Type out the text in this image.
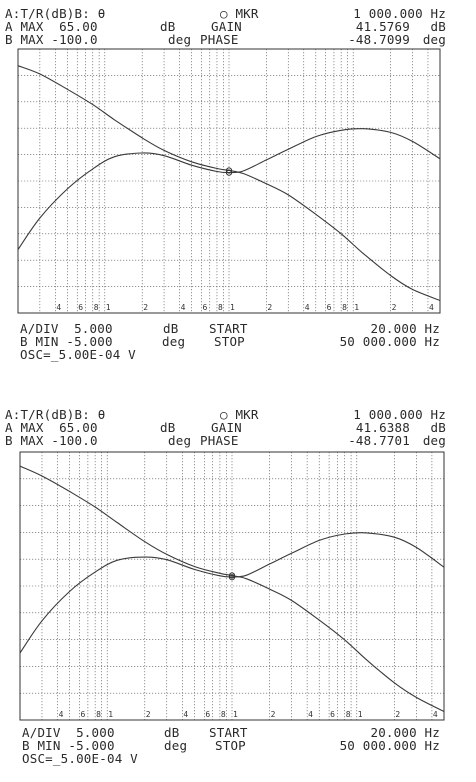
A:T/R(dB)B: θ	○ MKR	1 000.000 Hz
A MAX  65.00	dB	GAIN	41.5769 dB
B MAX -100.0	deg PHASE	-48.7099 deg
4 6 8 1	2	4 6 8 1	2	4 6 8 1	2	4
A/DIV  5.000	dB START	20.000 Hz
B MIN -5.000	deg STOP	50 000.000 Hz
OSC=_5.00E-04 V
A:T/R(dB)B: θ	○ MKR	1 000.000 Hz
A MAX  65.00	dB	GAIN	41.6388 dB
B MAX -100.0	deg PHASE	-48.7701 deg
4 6 8 1	2	4 6 8 1	2	4 6 8 1	2	4
A/DIV  5.000	dB START	20.000 Hz
B MIN -5.000	deg STOP	50 000.000 Hz
OSC=_5.00E-04 V
